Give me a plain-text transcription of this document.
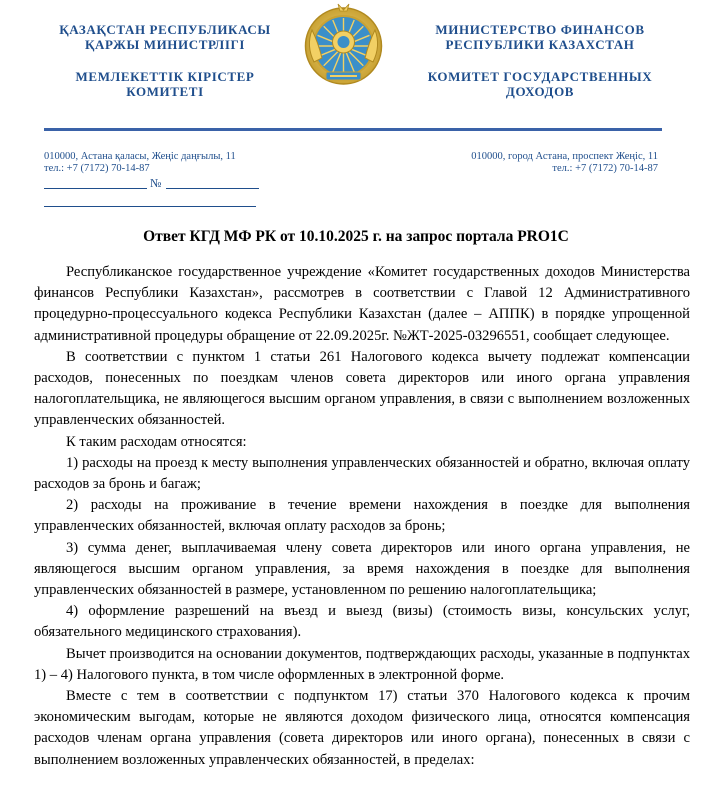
ҚАЗАҚСТАН РЕСПУБЛИКАСЫ
ҚАРЖЫ МИНИСТРЛІГІ
МЕМЛЕКЕТТІК КІРІСТЕР
КОМИТЕТІ
МИНИСТЕРСТВО ФИНАНСОВ
РЕСПУБЛИКИ КАЗАХСТАН
КОМИТЕТ ГОСУДАРСТВЕННЫХ
ДОХОДОВ
010000, Астана қаласы, Жеңіс даңғылы, 11
тел.: +7 (7172) 70-14-87
010000, город Астана, проспект Жеңіс, 11
тел.: +7 (7172) 70-14-87
№
Ответ КГД МФ РК от 10.10.2025 г. на запрос портала PRO1C

Республиканское государственное учреждение «Комитет государственных доходов Министерства финансов Республики Казахстан», рассмотрев в соответствии с Главой 12 Административного процедурно-процессуального кодекса Республики Казахстан (далее – АППК) в порядке упрощенной административной процедуры обращение от 22.09.2025г. №ЖТ-2025-03296551, сообщает следующее.

В соответствии с пунктом 1 статьи 261 Налогового кодекса вычету подлежат компенсации расходов, понесенных по поездкам членов совета директоров или иного органа управления налогоплательщика, не являющегося высшим органом управления, в связи с выполнением возложенных управленческих обязанностей.

К таким расходам относятся:

1) расходы на проезд к месту выполнения управленческих обязанностей и обратно, включая оплату расходов за бронь и багаж;

2) расходы на проживание в течение времени нахождения в поездке для выполнения управленческих обязанностей, включая оплату расходов за бронь;

3) сумма денег, выплачиваемая члену совета директоров или иного органа управления, не являющегося высшим органом управления, за время нахождения в поездке для выполнения управленческих обязанностей в размере, установленном по решению налогоплательщика;

4) оформление разрешений на въезд и выезд (визы) (стоимость визы, консульских услуг, обязательного медицинского страхования).

Вычет производится на основании документов, подтверждающих расходы, указанные в подпунктах 1) – 4) Налогового пункта, в том числе оформленных в электронной форме.

Вместе с тем в соответствии с подпунктом 17) статьи 370 Налогового кодекса к прочим экономическим выгодам, которые не являются доходом физического лица, относятся компенсация расходов членам органа управления (совета директоров или иного органа), понесенных в связи с выполнением возложенных управленческих обязанностей, в пределах:
